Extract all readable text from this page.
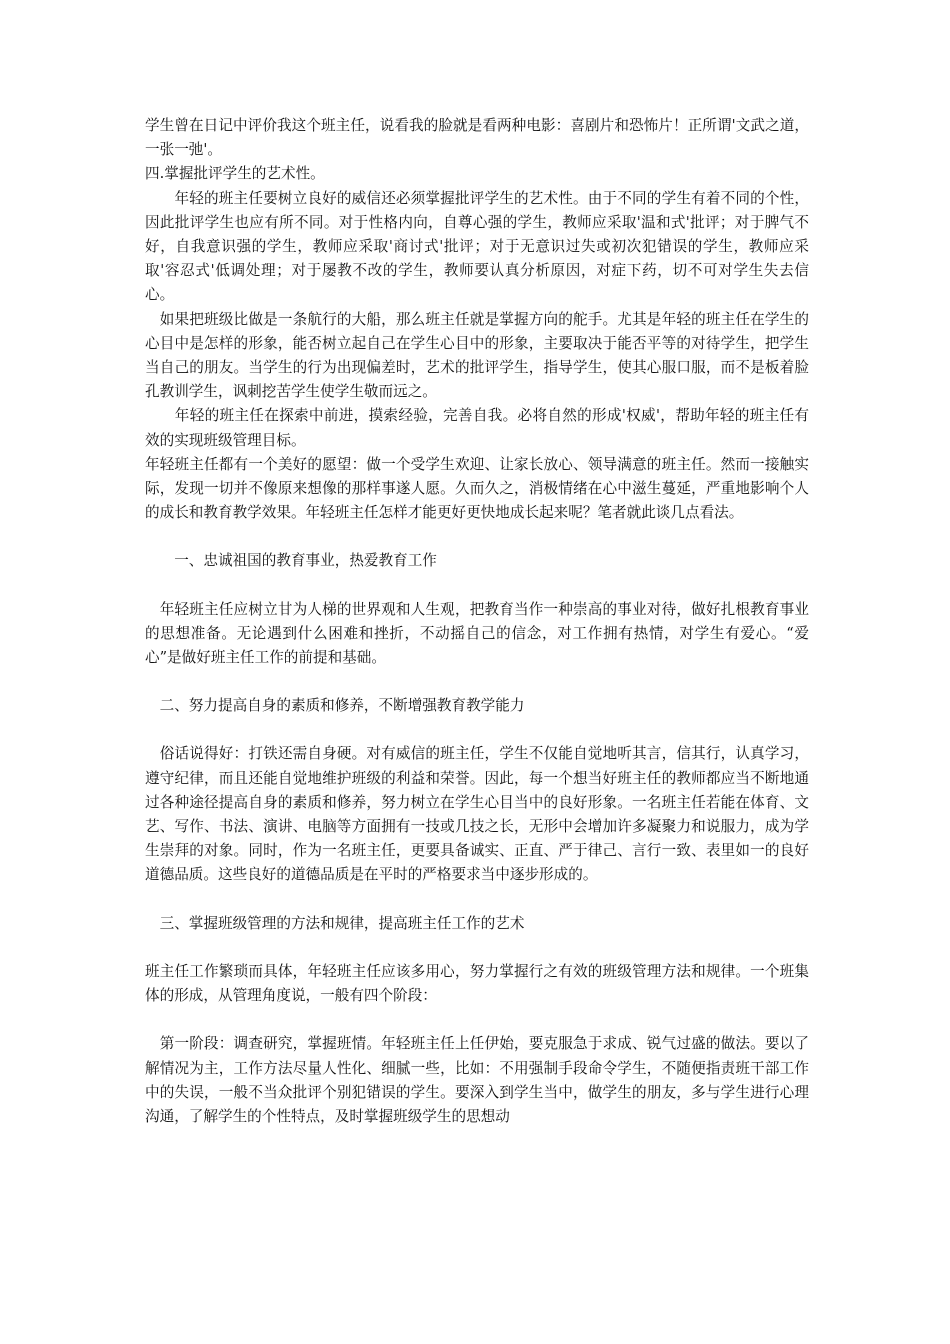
学生曾在日记中评价我这个班主任，说看我的脸就是看两种电影：喜剧片和恐怖片！正所谓'文武之道，一张一弛'。

四.掌握批评学生的艺术性。

　　年轻的班主任要树立良好的威信还必须掌握批评学生的艺术性。由于不同的学生有着不同的个性，因此批评学生也应有所不同。对于性格内向，自尊心强的学生，教师应采取'温和式'批评；对于脾气不好，自我意识强的学生，教师应采取'商讨式'批评；对于无意识过失或初次犯错误的学生，教师应采取'容忍式'低调处理；对于屡教不改的学生，教师要认真分析原因，对症下药，切不可对学生失去信心。

　如果把班级比做是一条航行的大船，那么班主任就是掌握方向的舵手。尤其是年轻的班主任在学生的心目中是怎样的形象，能否树立起自己在学生心目中的形象，主要取决于能否平等的对待学生，把学生当自己的朋友。当学生的行为出现偏差时，艺术的批评学生，指导学生，使其心服口服，而不是板着脸孔教训学生，讽刺挖苦学生使学生敬而远之。

　　年轻的班主任在探索中前进，摸索经验，完善自我。必将自然的形成'权威'，帮助年轻的班主任有效的实现班级管理目标。

年轻班主任都有一个美好的愿望：做一个受学生欢迎、让家长放心、领导满意的班主任。然而一接触实际，发现一切并不像原来想像的那样事遂人愿。久而久之，消极情绪在心中滋生蔓延，严重地影响个人的成长和教育教学效果。年轻班主任怎样才能更好更快地成长起来呢？笔者就此谈几点看法。

　　一、忠诚祖国的教育事业，热爱教育工作

　年轻班主任应树立甘为人梯的世界观和人生观，把教育当作一种崇高的事业对待，做好扎根教育事业的思想准备。无论遇到什么困难和挫折，不动摇自己的信念，对工作拥有热情，对学生有爱心。“爱心”是做好班主任工作的前提和基础。

　二、努力提高自身的素质和修养，不断增强教育教学能力

　俗话说得好：打铁还需自身硬。对有威信的班主任，学生不仅能自觉地听其言，信其行，认真学习，遵守纪律，而且还能自觉地维护班级的利益和荣誉。因此，每一个想当好班主任的教师都应当不断地通过各种途径提高自身的素质和修养，努力树立在学生心目当中的良好形象。一名班主任若能在体育、文艺、写作、书法、演讲、电脑等方面拥有一技或几技之长，无形中会增加许多凝聚力和说服力，成为学生崇拜的对象。同时，作为一名班主任，更要具备诚实、正直、严于律己、言行一致、表里如一的良好道德品质。这些良好的道德品质是在平时的严格要求当中逐步形成的。

　三、掌握班级管理的方法和规律，提高班主任工作的艺术

班主任工作繁琐而具体，年轻班主任应该多用心，努力掌握行之有效的班级管理方法和规律。一个班集体的形成，从管理角度说，一般有四个阶段：

　第一阶段：调查研究，掌握班情。年轻班主任上任伊始，要克服急于求成、锐气过盛的做法。要以了解情况为主，工作方法尽量人性化、细腻一些，比如：不用强制手段命令学生，不随便指责班干部工作中的失误，一般不当众批评个别犯错误的学生。要深入到学生当中，做学生的朋友，多与学生进行心理沟通，了解学生的个性特点，及时掌握班级学生的思想动
